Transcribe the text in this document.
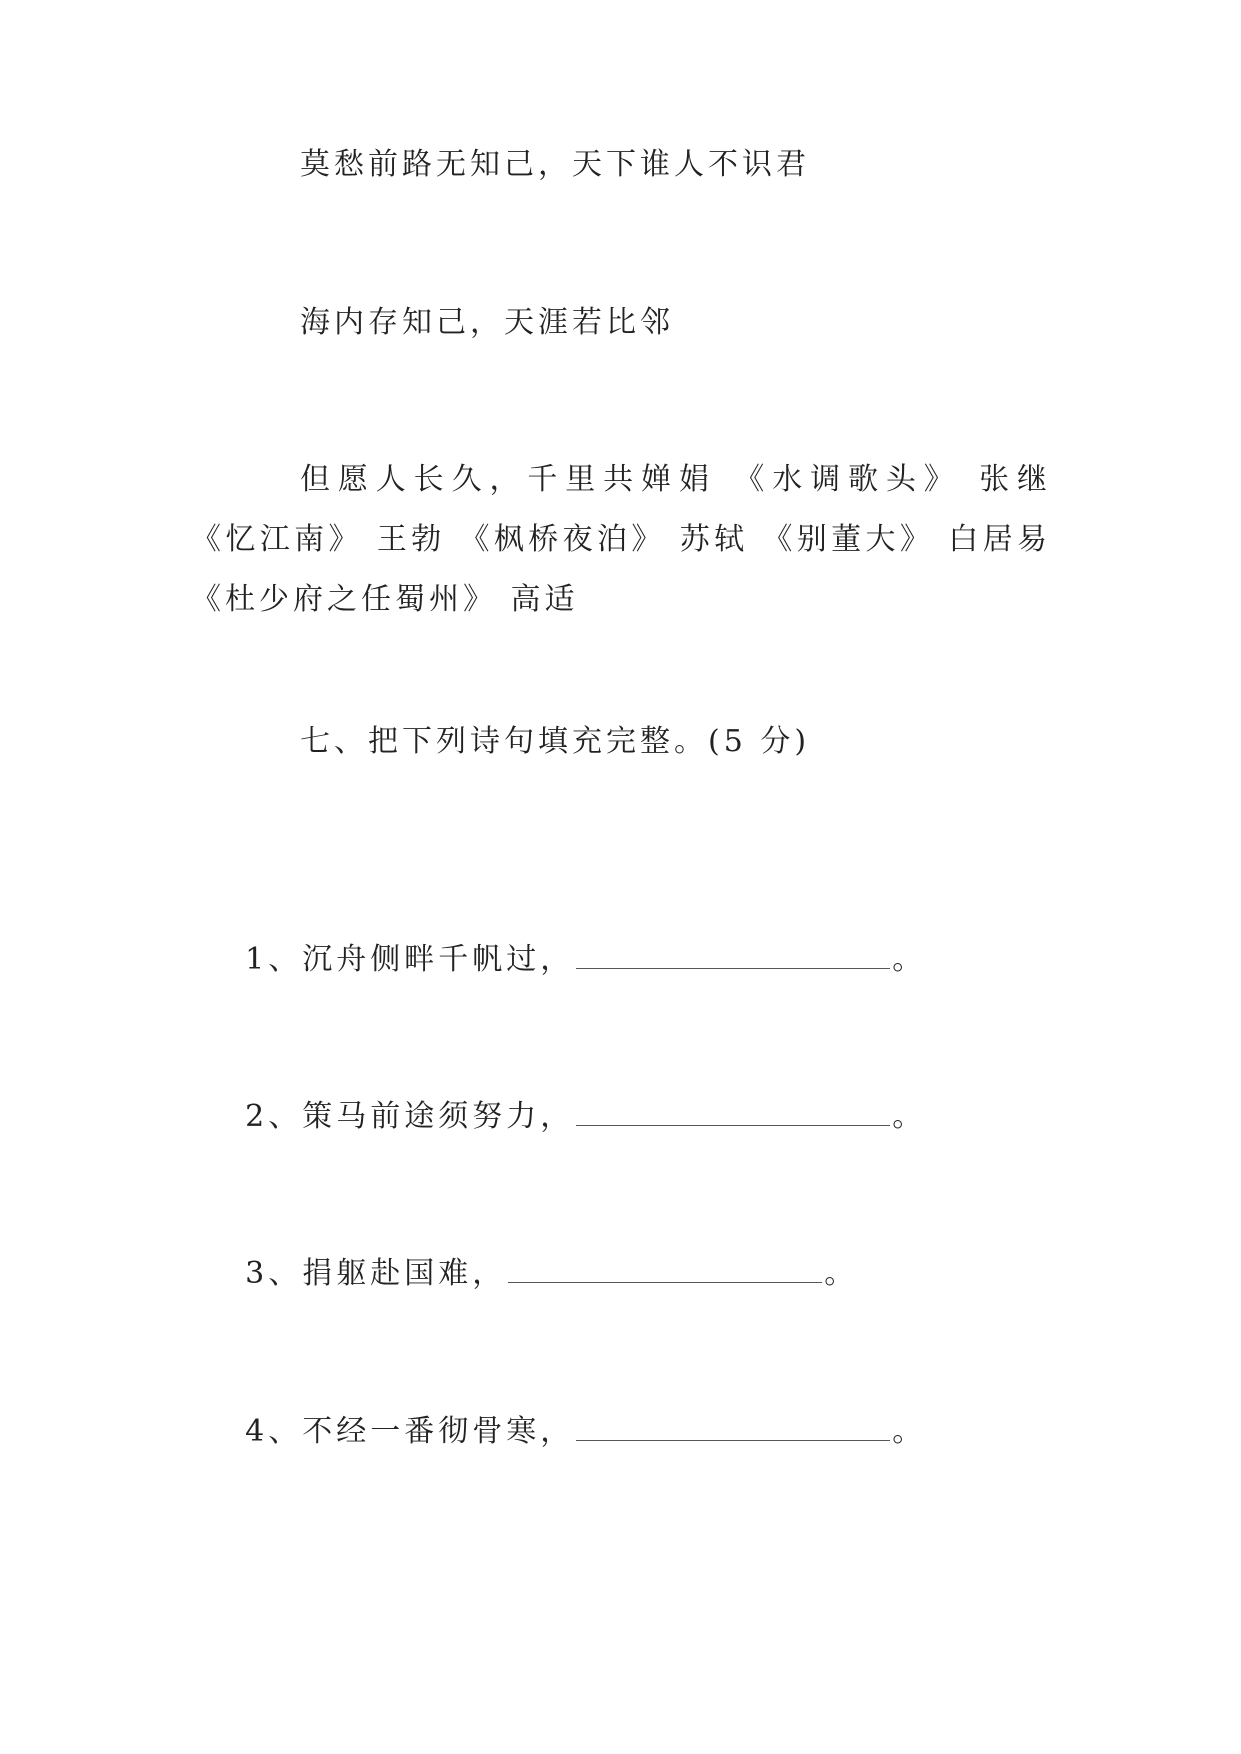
莫愁前路无知己，天下谁人不识君
海内存知己，天涯若比邻
但愿人长久，千里共婵娟 《水调歌头》 张继 《忆江南》 王勃 《枫桥夜泊》 苏轼 《别董大》 白居易 《杜少府之任蜀州》 高适
七、把下列诗句填充完整。(5 分)

1、沉舟侧畔千帆过，	。

2、策马前途须努力，	。

3、捐躯赴国难，	。

4、不经一番彻骨寒，	。
